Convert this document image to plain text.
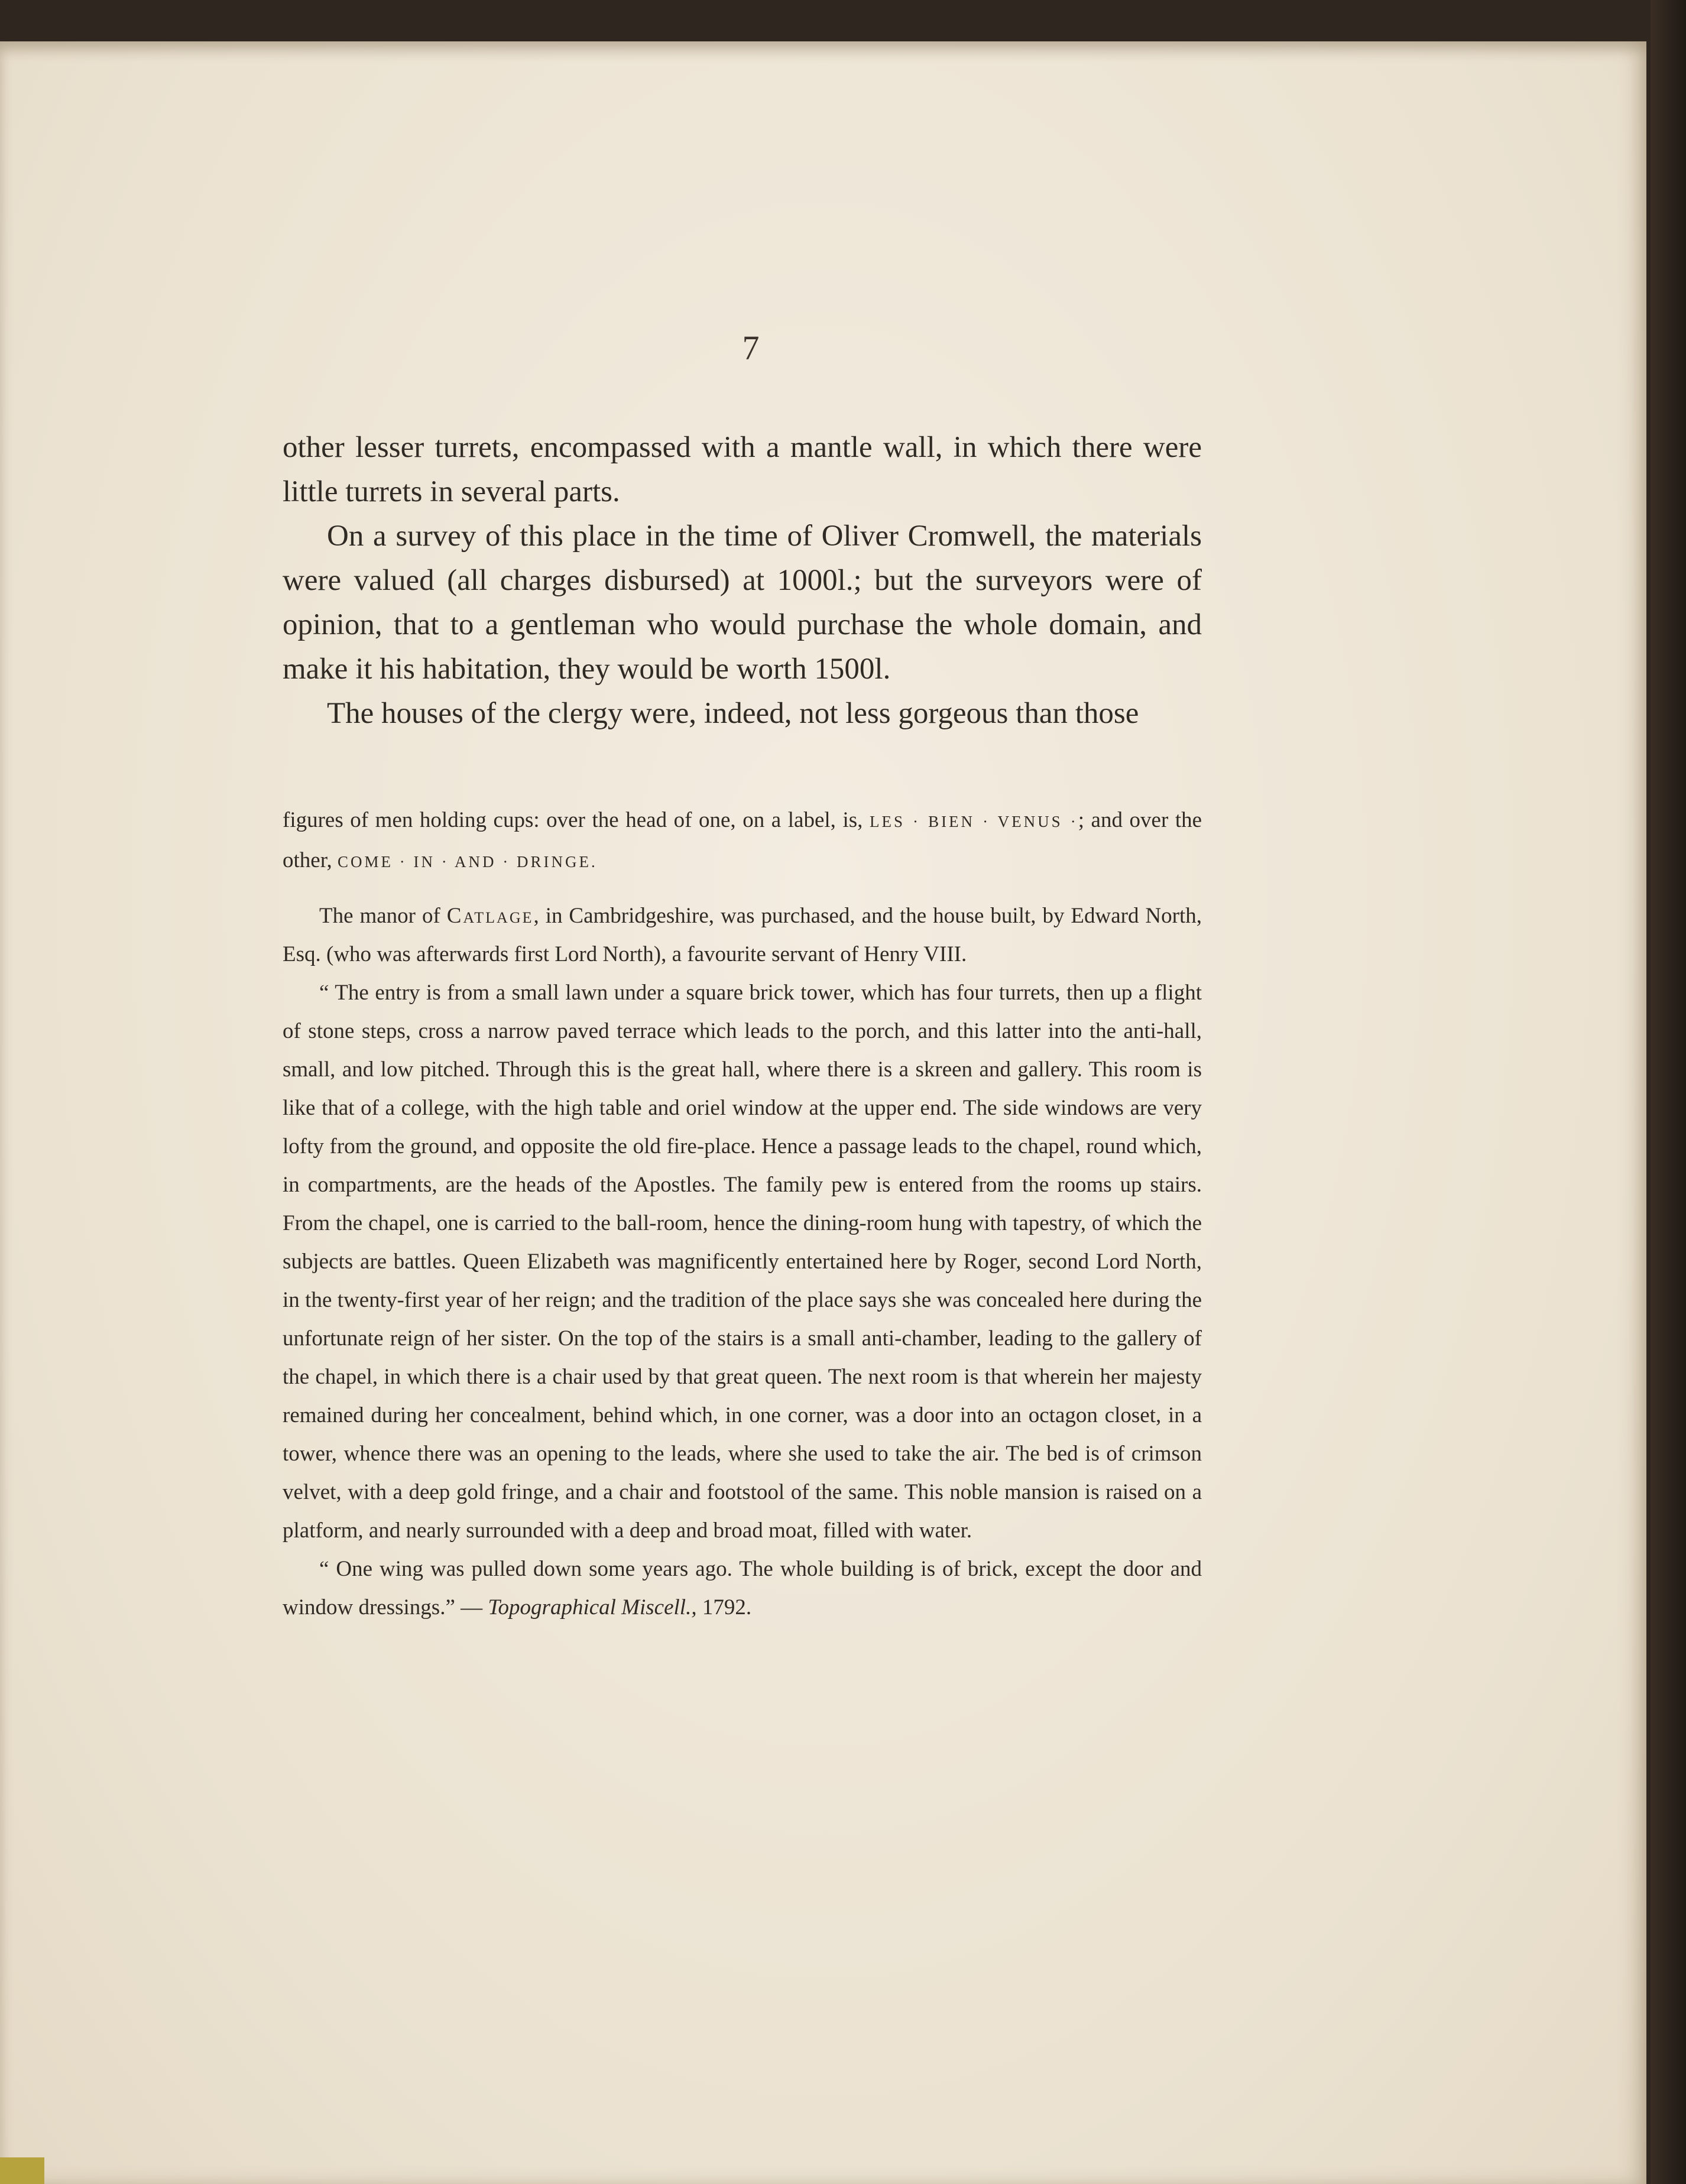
7

other lesser turrets, encompassed with a mantle wall, in which there were little turrets in several parts.

On a survey of this place in the time of Oliver Cromwell, the materials were valued (all charges disbursed) at 1000l.; but the surveyors were of opinion, that to a gentleman who would purchase the whole domain, and make it his habitation, they would be worth 1500l.

The houses of the clergy were, indeed, not less gorgeous than those

figures of men holding cups: over the head of one, on a label, is, LES · BIEN · VENUS ·; and over the other, COME · IN · AND · DRINGE.

The manor of Catlage, in Cambridgeshire, was purchased, and the house built, by Edward North, Esq. (who was afterwards first Lord North), a favourite servant of Henry VIII.

“ The entry is from a small lawn under a square brick tower, which has four turrets, then up a flight of stone steps, cross a narrow paved terrace which leads to the porch, and this latter into the anti-hall, small, and low pitched. Through this is the great hall, where there is a skreen and gallery. This room is like that of a college, with the high table and oriel window at the upper end. The side windows are very lofty from the ground, and opposite the old fire-place. Hence a passage leads to the chapel, round which, in compartments, are the heads of the Apostles. The family pew is entered from the rooms up stairs. From the chapel, one is carried to the ball-room, hence the dining-room hung with tapestry, of which the subjects are battles. Queen Elizabeth was magnificently entertained here by Roger, second Lord North, in the twenty-first year of her reign; and the tradition of the place says she was concealed here during the unfortunate reign of her sister. On the top of the stairs is a small anti-chamber, leading to the gallery of the chapel, in which there is a chair used by that great queen. The next room is that wherein her majesty remained during her concealment, behind which, in one corner, was a door into an octagon closet, in a tower, whence there was an opening to the leads, where she used to take the air. The bed is of crimson velvet, with a deep gold fringe, and a chair and footstool of the same. This noble mansion is raised on a platform, and nearly surrounded with a deep and broad moat, filled with water.

“ One wing was pulled down some years ago. The whole building is of brick, except the door and window dressings.” — Topographical Miscell., 1792.
